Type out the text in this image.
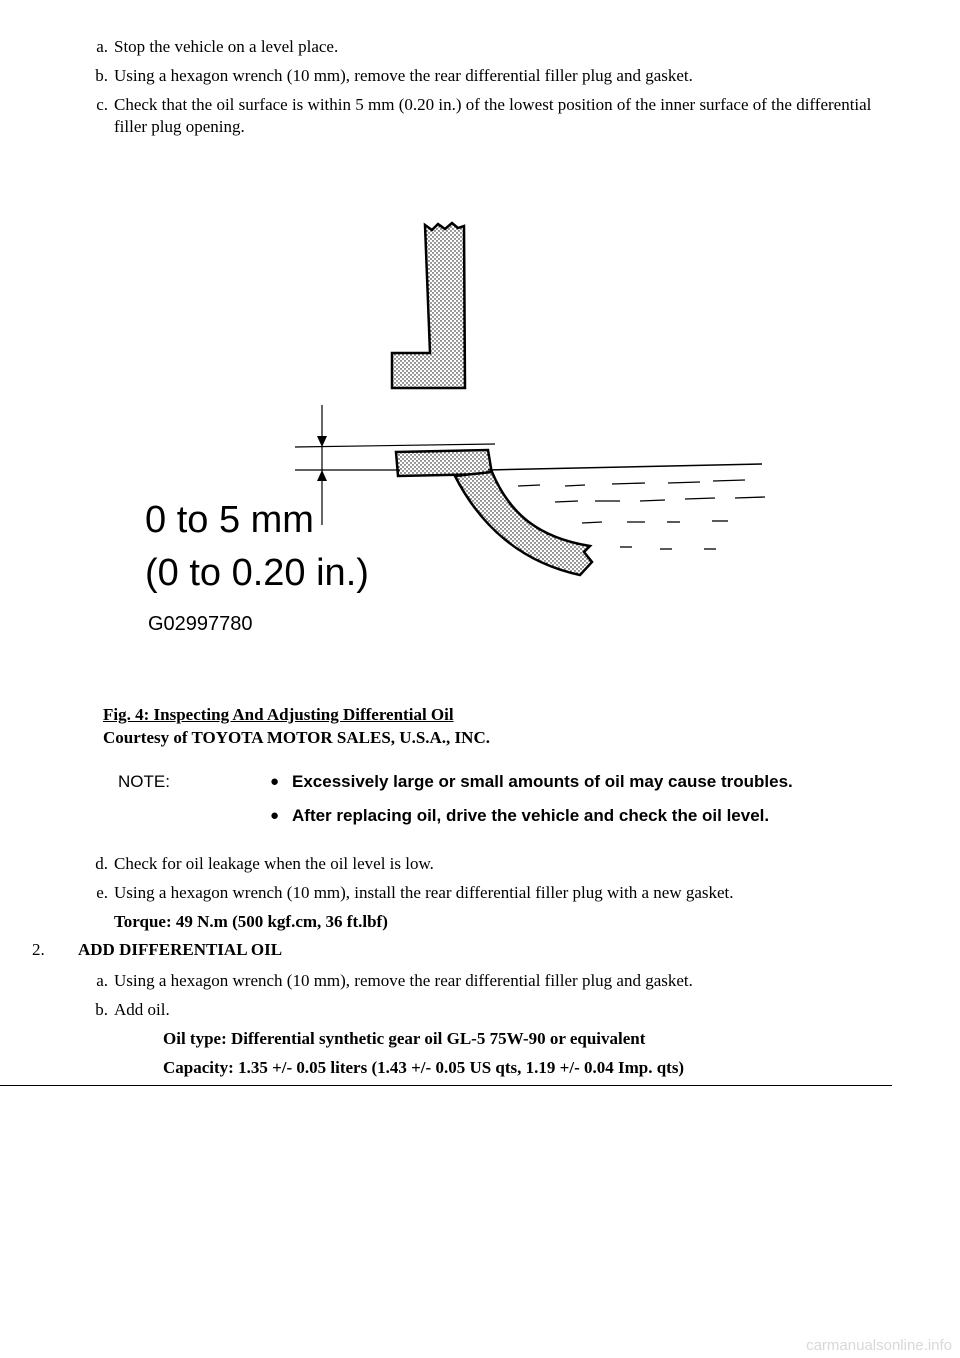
a. Stop the vehicle on a level place.
b. Using a hexagon wrench (10 mm), remove the rear differential filler plug and gasket.
c. Check that the oil surface is within 5 mm (0.20 in.) of the lowest position of the inner surface of the differential filler plug opening.
0 to 5 mm
(0 to 0.20 in.)
G02997780
Fig. 4: Inspecting And Adjusting Differential Oil
Courtesy of TOYOTA MOTOR SALES, U.S.A., INC.
NOTE:	● Excessively large or small amounts of oil may cause troubles.
● After replacing oil, drive the vehicle and check the oil level.
d. Check for oil leakage when the oil level is low.
e. Using a hexagon wrench (10 mm), install the rear differential filler plug with a new gasket.
Torque: 49 N.m (500 kgf.cm, 36 ft.lbf)
2. ADD DIFFERENTIAL OIL
a. Using a hexagon wrench (10 mm), remove the rear differential filler plug and gasket.
b. Add oil.
Oil type: Differential synthetic gear oil GL-5 75W-90 or equivalent
Capacity: 1.35 +/- 0.05 liters (1.43 +/- 0.05 US qts, 1.19 +/- 0.04 Imp. qts)
carmanualsonline.info
